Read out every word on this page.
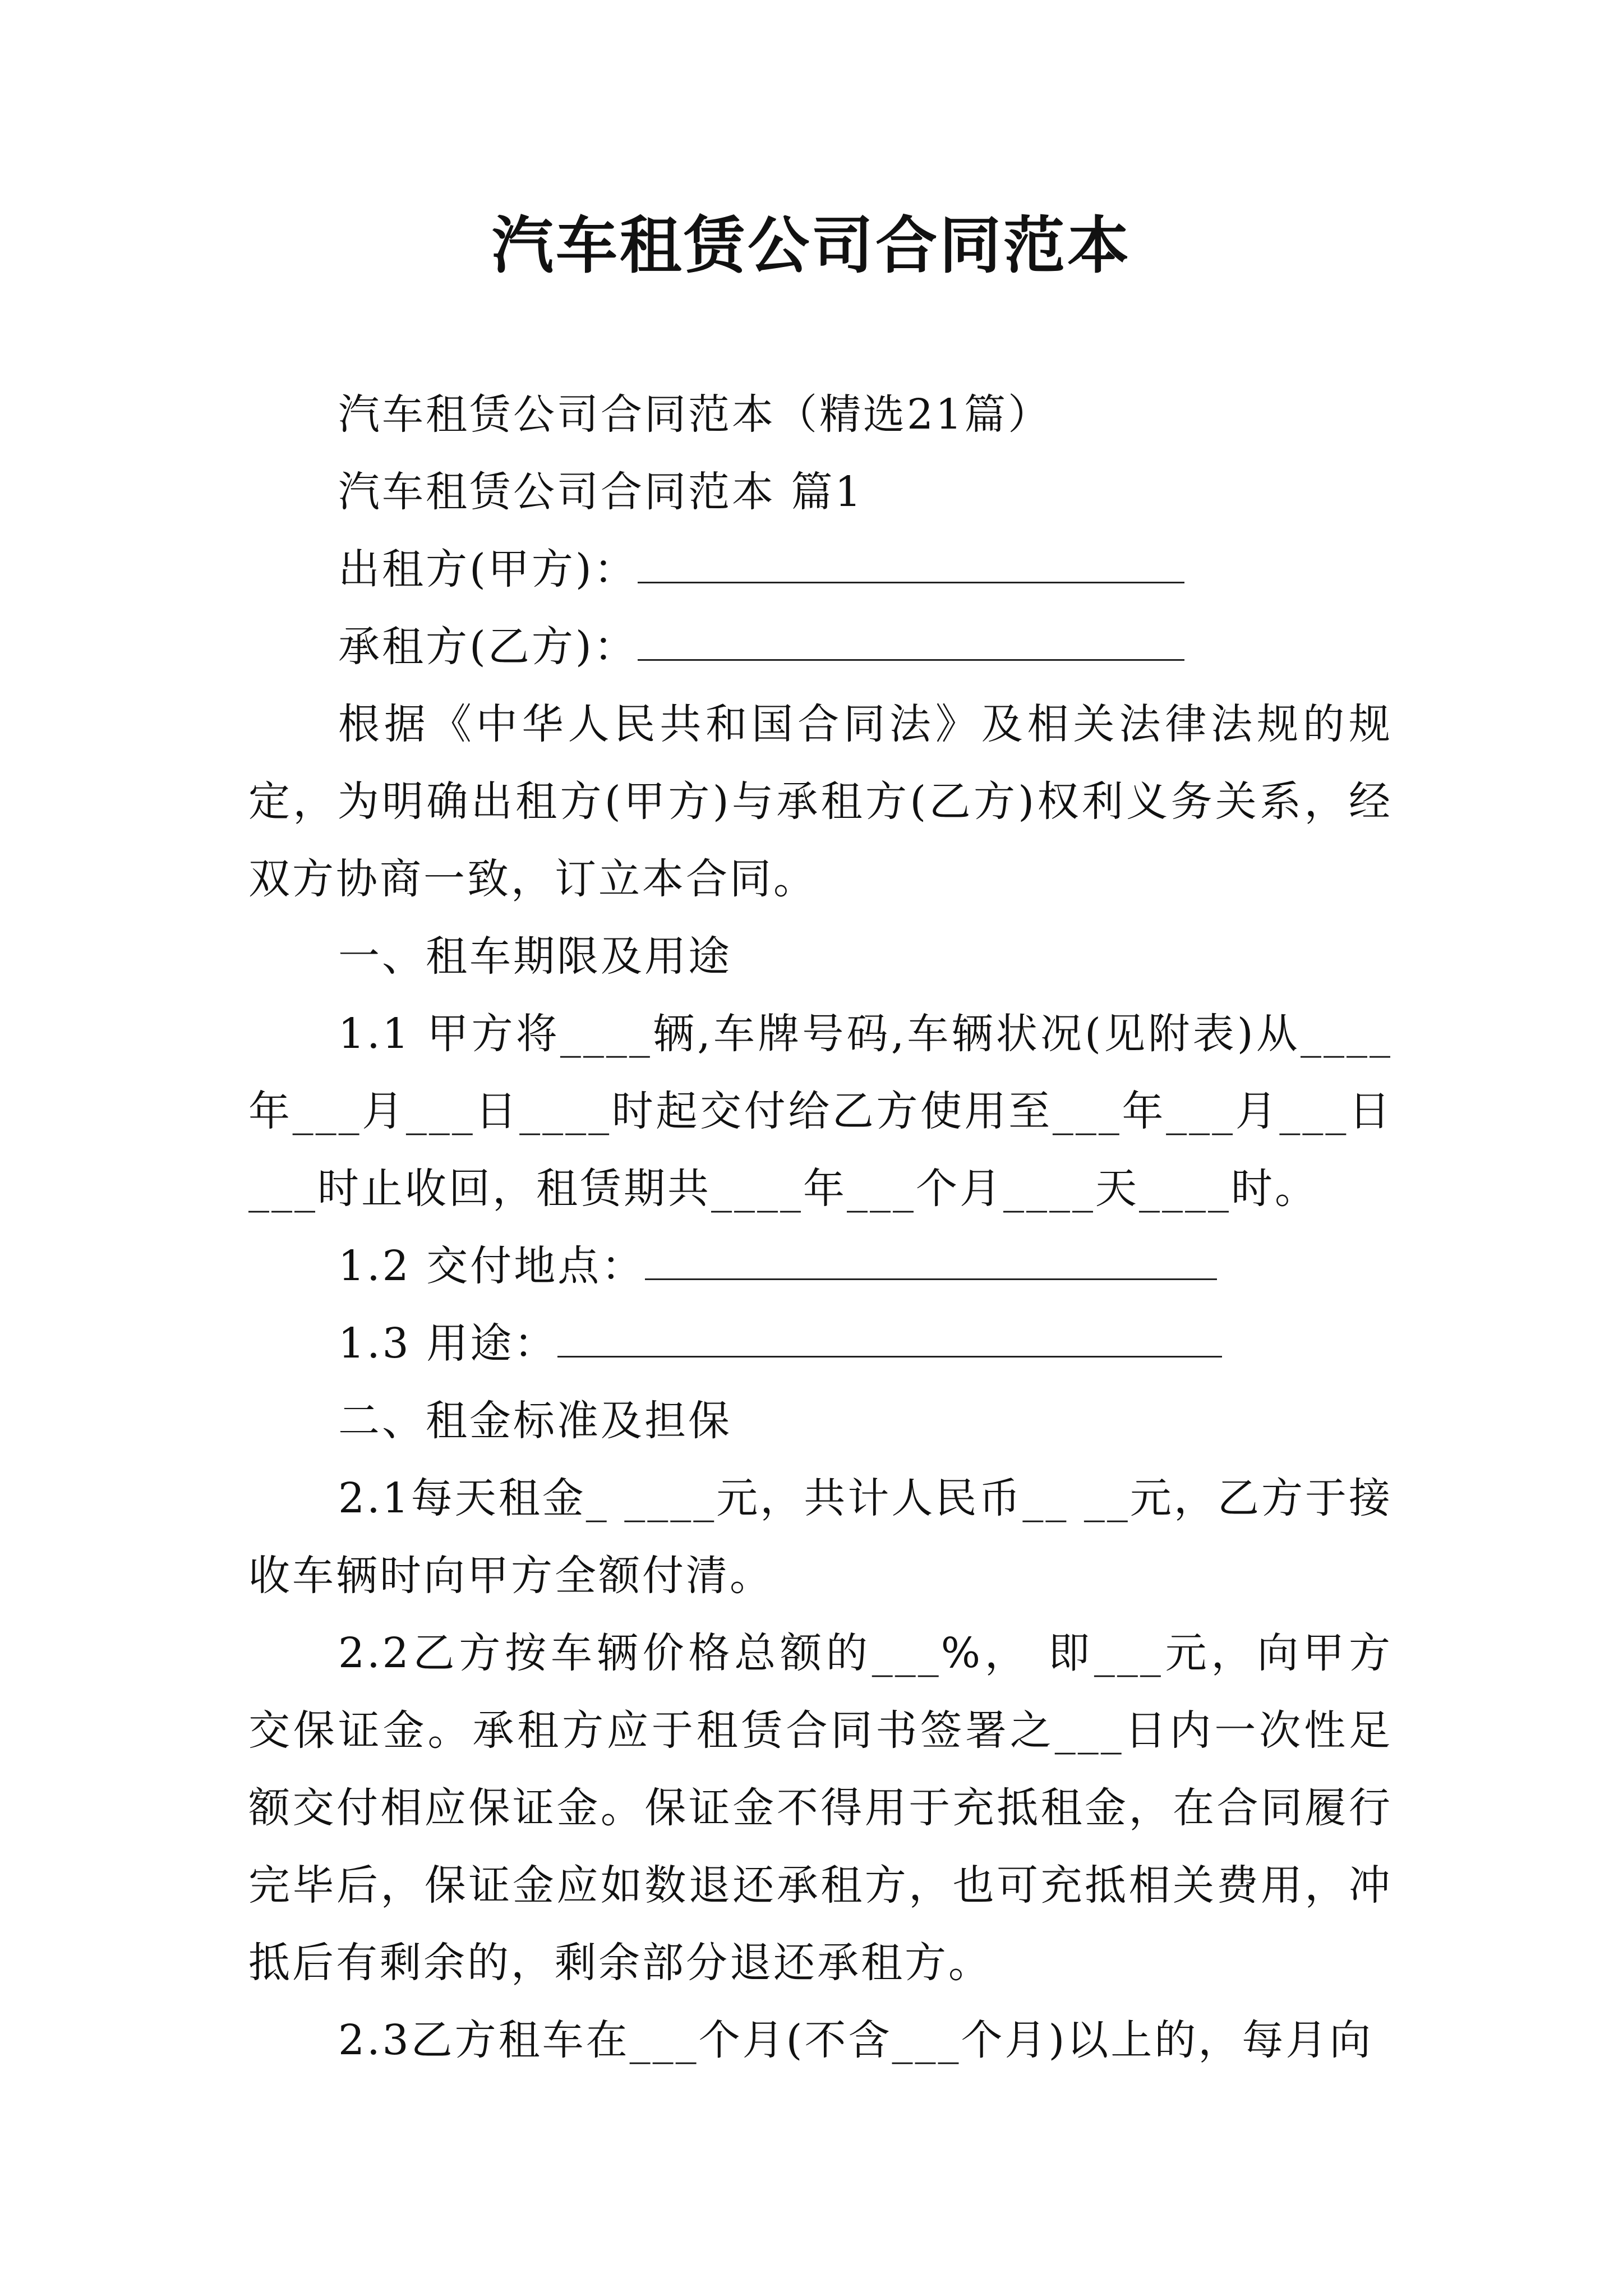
汽车租赁公司合同范本

汽车租赁公司合同范本（精选21篇）

汽车租赁公司合同范本 篇1

出租方(甲方)：

承租方(乙方)：

根据《中华人民共和国合同法》及相关法律法规的规定，为明确出租方(甲方)与承租方(乙方)权利义务关系，经双方协商一致，订立本合同。

一、租车期限及用途

1.1 甲方将____辆,车牌号码,车辆状况(见附表)从____年___月___日____时起交付给乙方使用至___年___月___日___时止收回，租赁期共____年___个月____天____时。

1.2 交付地点：

1.3 用途：

二、租金标准及担保

2.1每天租金_ ____元，共计人民币__ __元，乙方于接收车辆时向甲方全额付清。

2.2乙方按车辆价格总额的___%， 即___元，向甲方交保证金。承租方应于租赁合同书签署之___日内一次性足额交付相应保证金。保证金不得用于充抵租金，在合同履行完毕后，保证金应如数退还承租方，也可充抵相关费用，冲抵后有剩余的，剩余部分退还承租方。

2.3乙方租车在___个月(不含___个月)以上的，每月向
